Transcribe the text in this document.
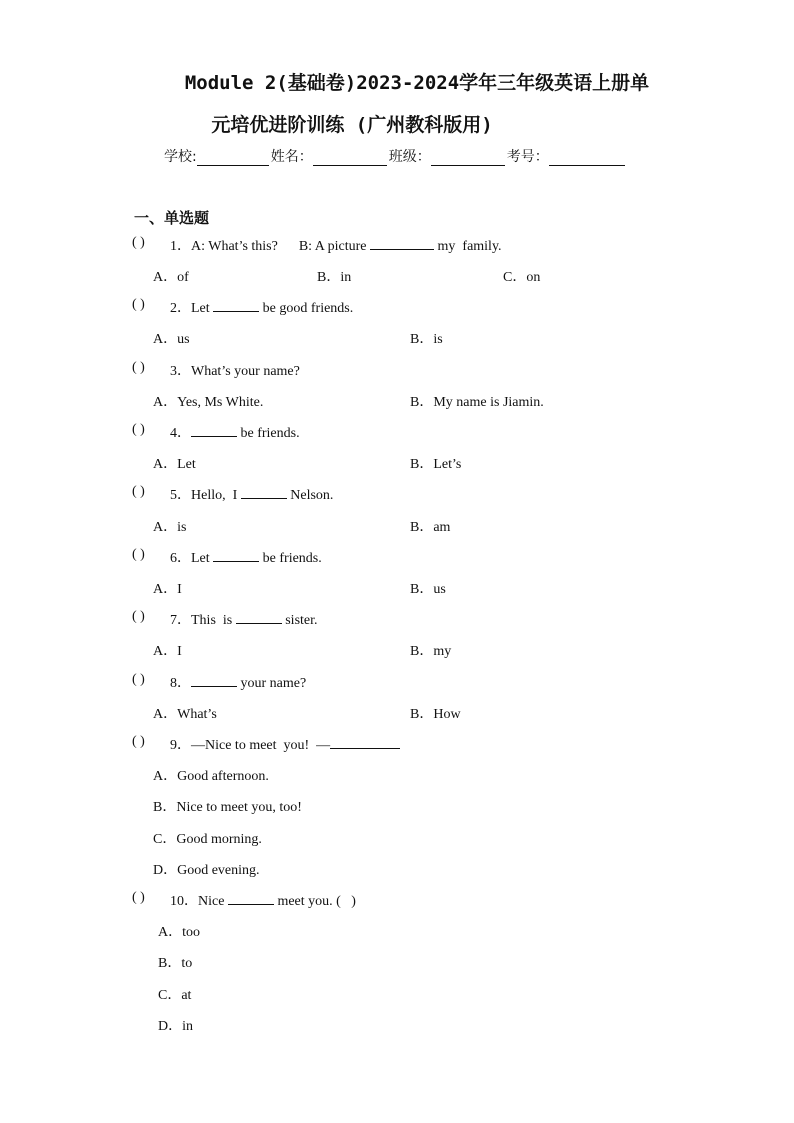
Module 2(基础卷)2023-2024学年三年级英语上册单
元培优进阶训练 (广州教科版用)
学校:	姓名：	班级：	考号：
一、单选题
( ) 1．A: What’s this?      B: A picture	my  family.
A．of	B．in	C．on
( ) 2．Let	be good friends.
A．us	B．is
( ) 3．What’s your name?
A．Yes, Ms White.	B．My name is Jiamin.
( ) 4．	be friends.
A．Let	B．Let’s
( ) 5．Hello,  I	Nelson.
A．is	B．am
( ) 6．Let	be friends.
A．I	B．us
( ) 7．This  is	sister.
A．I	B．my
( ) 8．	your name?
A．What’s	B．How
( ) 9．—Nice to meet  you!  —
A．Good afternoon.
B．Nice to meet you, too!
C．Good morning.
D．Good evening.
( ) 10．Nice	meet you. (   )
A．too
B．to
C．at
D．in
